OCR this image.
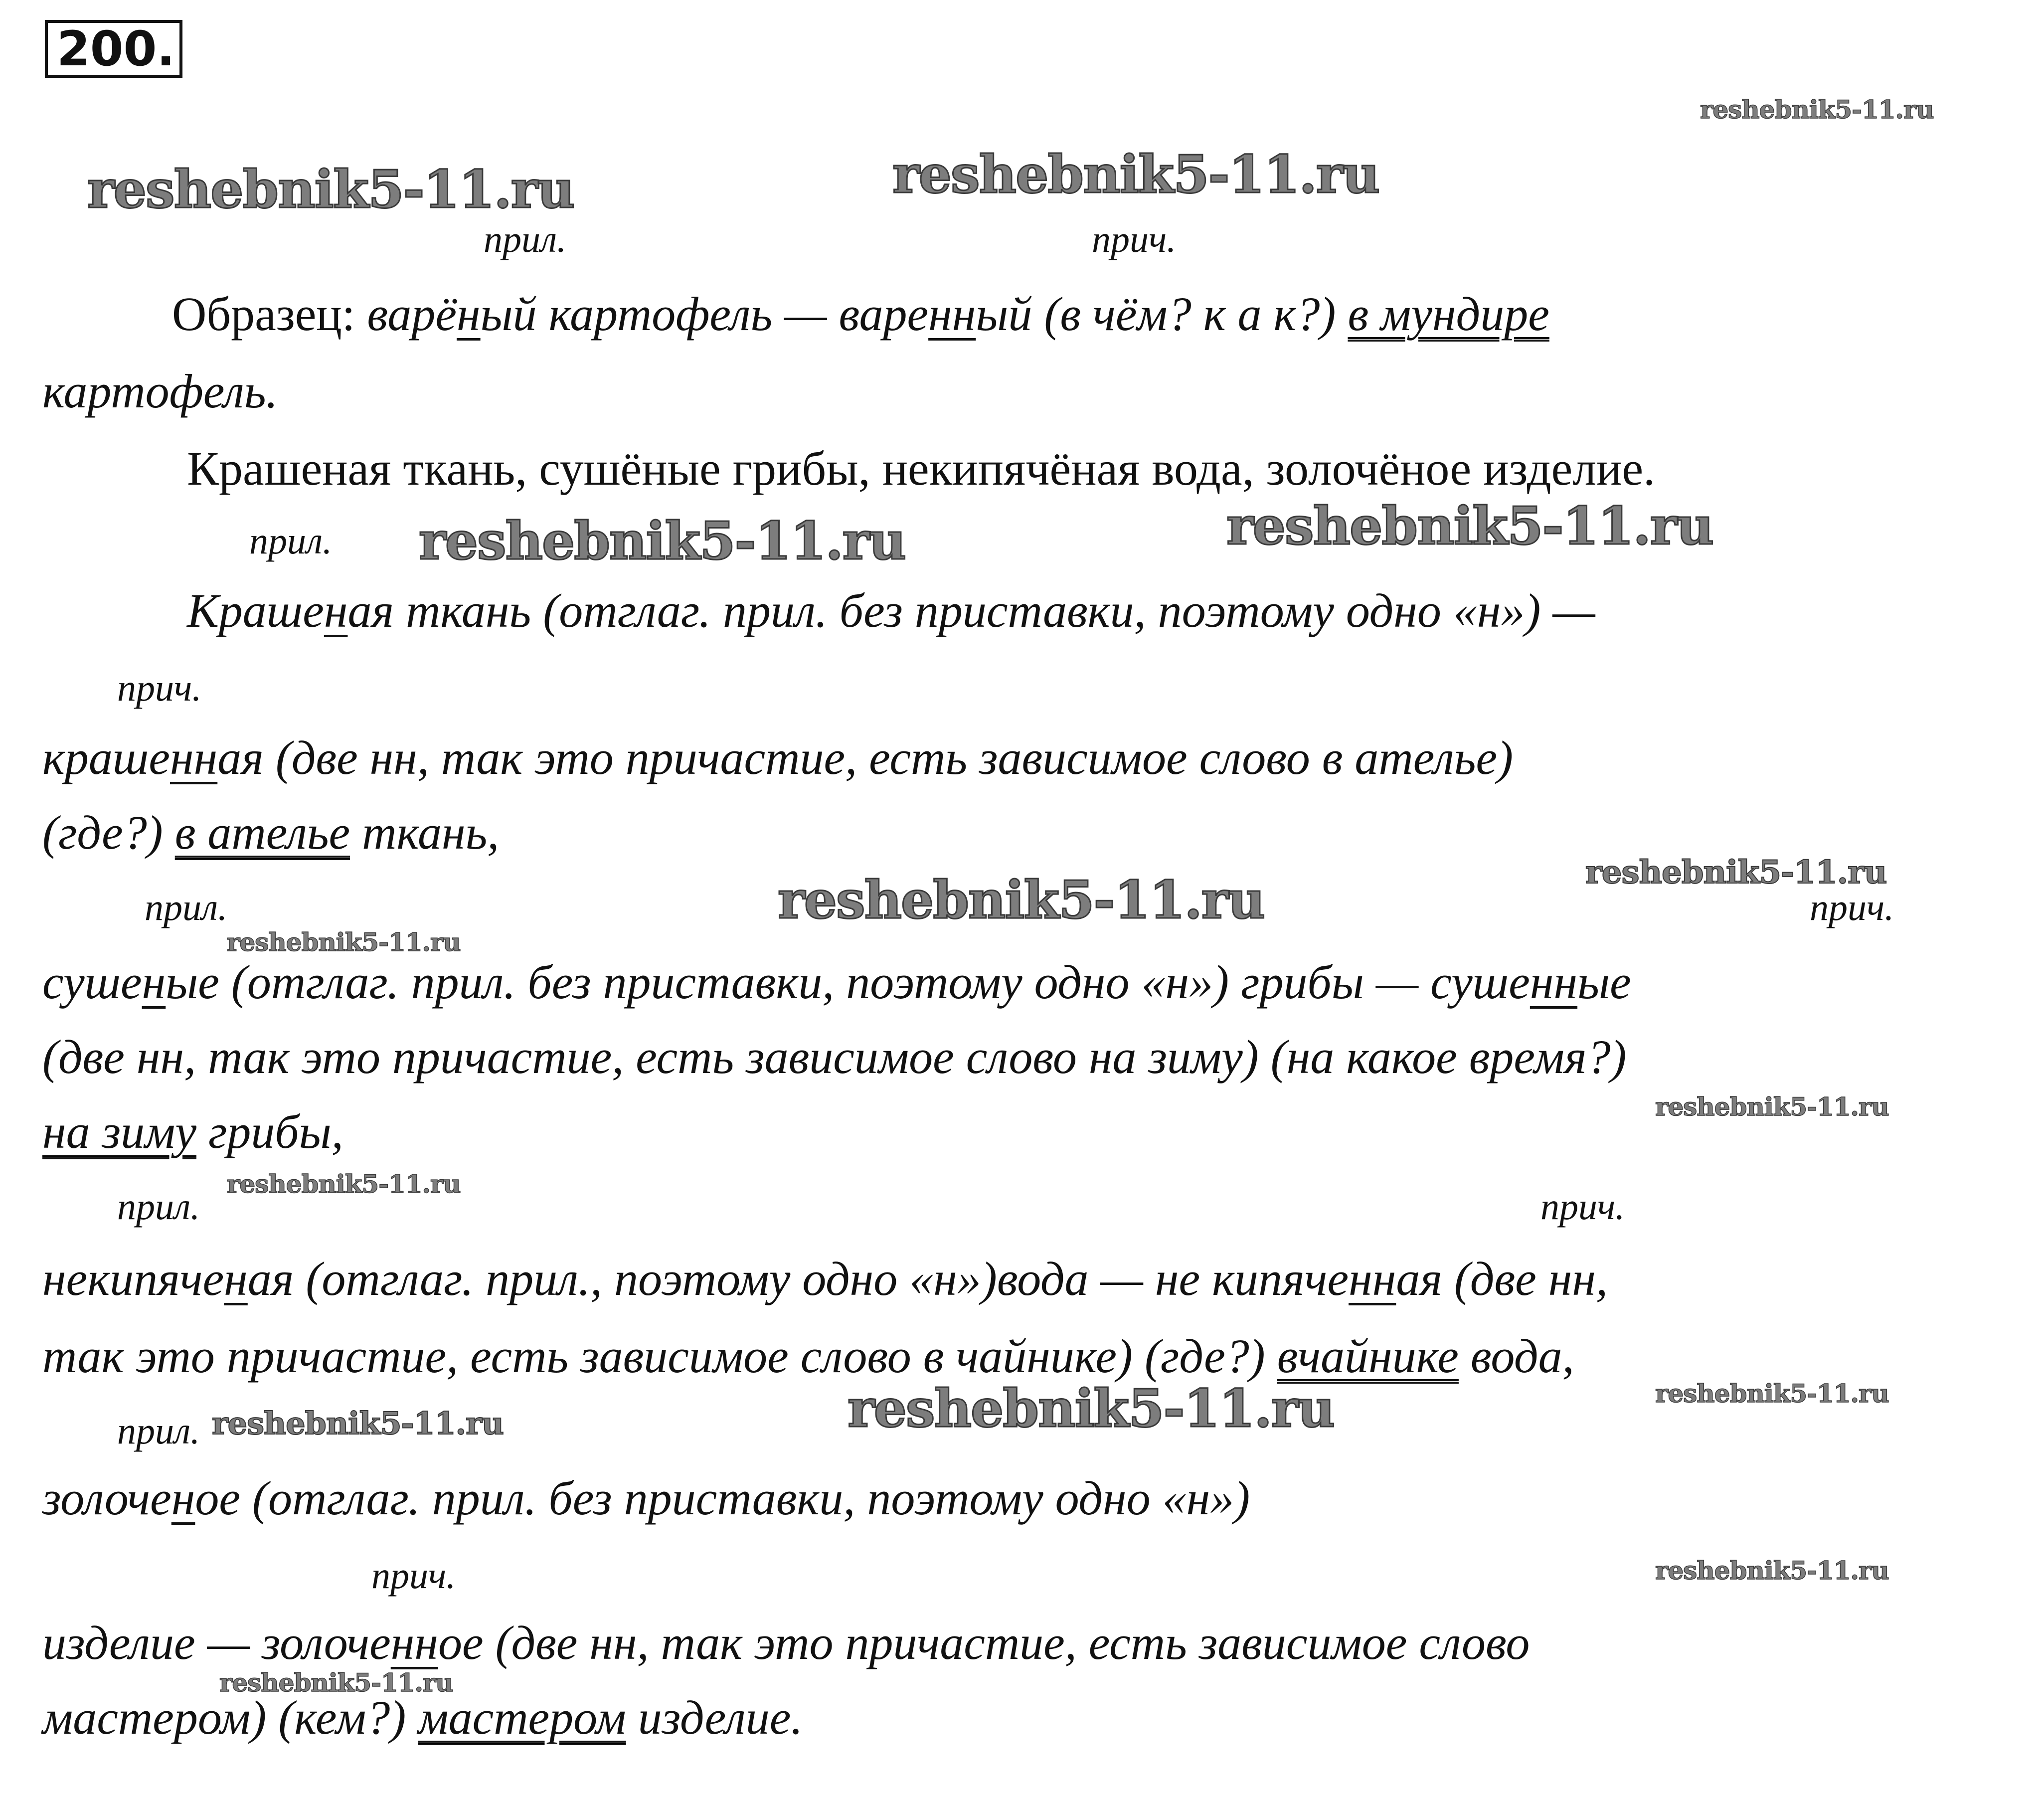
200.
reshebnik5-11.ru
reshebnik5-11.ru	reshebnik5-11.ru
reshebnik5-11.ru	reshebnik5-11.ru
reshebnik5-11.ru	reshebnik5-11.ru
reshebnik5-11.ru
reshebnik5-11.ru
reshebnik5-11.ru
reshebnik5-11.ru
reshebnik5-11.ru
reshebnik5-11.ru
reshebnik5-11.ru
reshebnik5-11.ru
прил.	прич.
прил.
прич.
прил.	прич.
прил.	прич.
прил.
прич.
Образец: варёный картофель — варенный (в чём? к а к?) в мундире
картофель.
Крашеная ткань, сушёные грибы, некипячёная вода, золочёное изделие.
Крашеная ткань (отглаг. прил. без приставки, поэтому одно «н») —
крашенная (две нн, так это причастие, есть зависимое слово в ателье)
(где?) в ателье ткань,
сушеные (отглаг. прил. без приставки, поэтому одно «н») грибы — сушенные
(две нн, так это причастие, есть зависимое слово на зиму) (на какое время?)
на зиму грибы,
некипяченая (отглаг. прил., поэтому одно «н»)вода — не кипяченная (две нн,
так это причастие, есть зависимое слово в чайнике) (где?) вчайнике вода,
золоченое (отглаг. прил. без приставки, поэтому одно «н»)
изделие — золоченное (две нн, так это причастие, есть зависимое слово
мастером) (кем?) мастером изделие.
